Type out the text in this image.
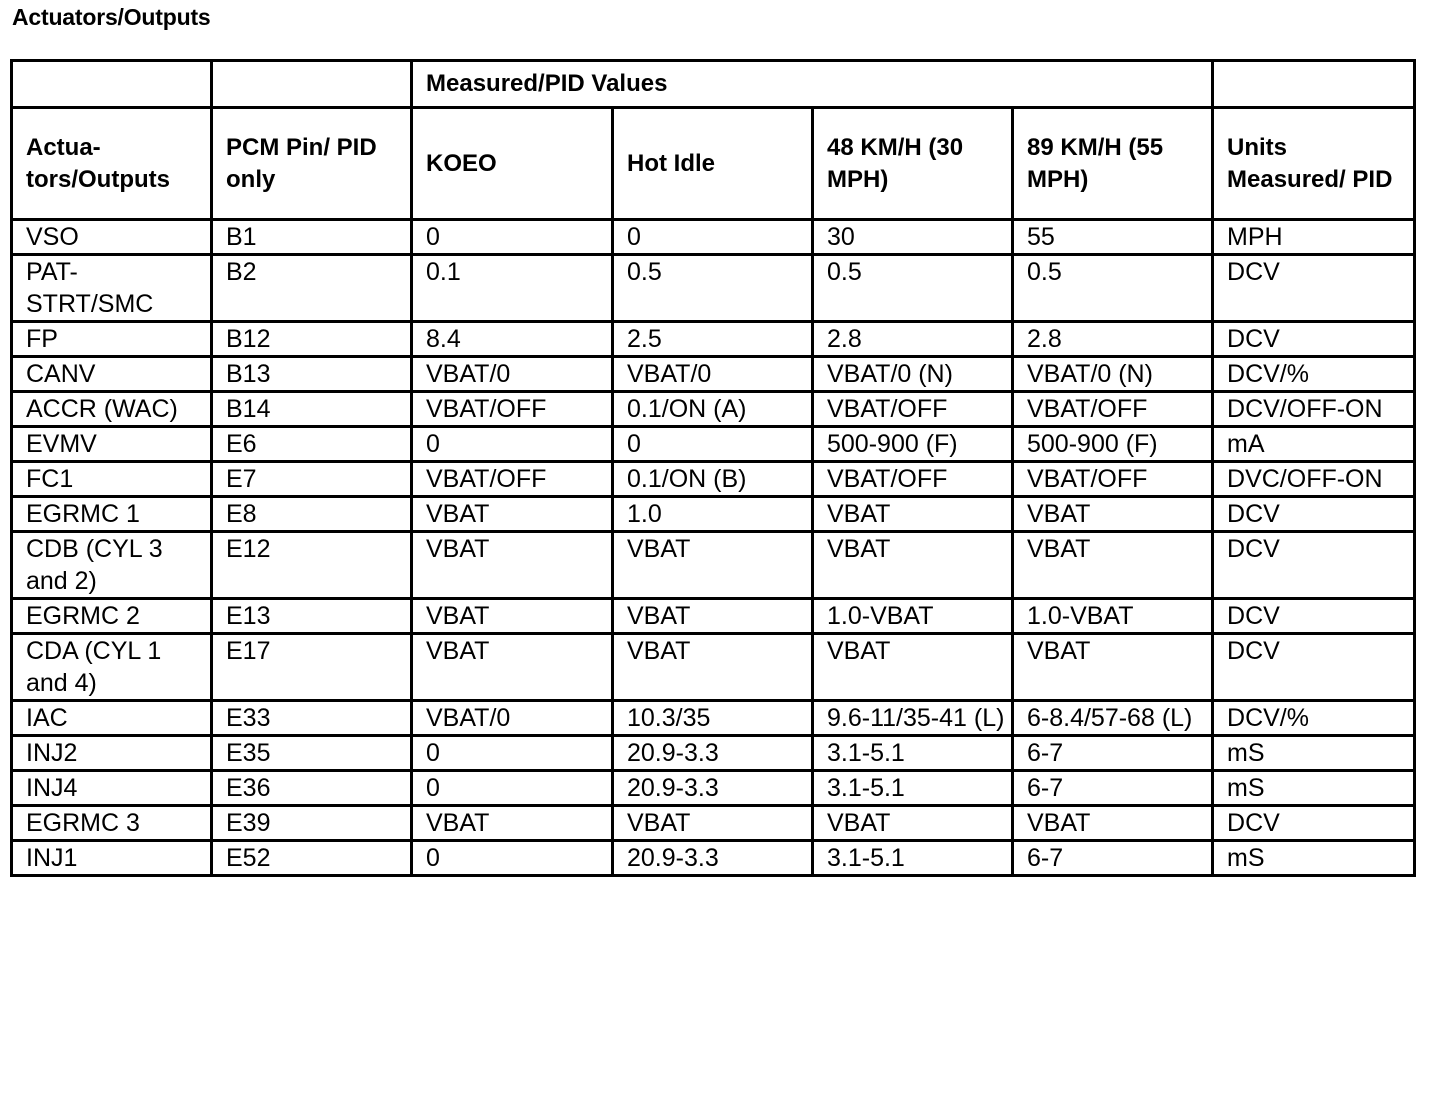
Actuators/Outputs
		Measured/PID Values				
Actua-
tors/Outputs	PCM Pin/ PID only	KOEO	Hot Idle	48 KM/H (30 MPH)	89 KM/H (55 MPH)	Units Measured/ PID
VSO	B1	0	0	30	55	MPH
PAT-
STRT/SMC	B2	0.1	0.5	0.5	0.5	DCV
FP	B12	8.4	2.5	2.8	2.8	DCV
CANV	B13	VBAT/0	VBAT/0	VBAT/0 (N)	VBAT/0 (N)	DCV/%
ACCR (WAC)	B14	VBAT/OFF	0.1/ON (A)	VBAT/OFF	VBAT/OFF	DCV/OFF-ON
EVMV	E6	0	0	500-900 (F)	500-900 (F)	mA
FC1	E7	VBAT/OFF	0.1/ON (B)	VBAT/OFF	VBAT/OFF	DVC/OFF-ON
EGRMC 1	E8	VBAT	1.0	VBAT	VBAT	DCV
CDB (CYL 3 and 2)	E12	VBAT	VBAT	VBAT	VBAT	DCV
EGRMC 2	E13	VBAT	VBAT	1.0-VBAT	1.0-VBAT	DCV
CDA (CYL 1 and 4)	E17	VBAT	VBAT	VBAT	VBAT	DCV
IAC	E33	VBAT/0	10.3/35	9.6-11/35-41 (L)	6-8.4/57-68 (L)	DCV/%
INJ2	E35	0	20.9-3.3	3.1-5.1	6-7	mS
INJ4	E36	0	20.9-3.3	3.1-5.1	6-7	mS
EGRMC 3	E39	VBAT	VBAT	VBAT	VBAT	DCV
INJ1	E52	0	20.9-3.3	3.1-5.1	6-7	mS
